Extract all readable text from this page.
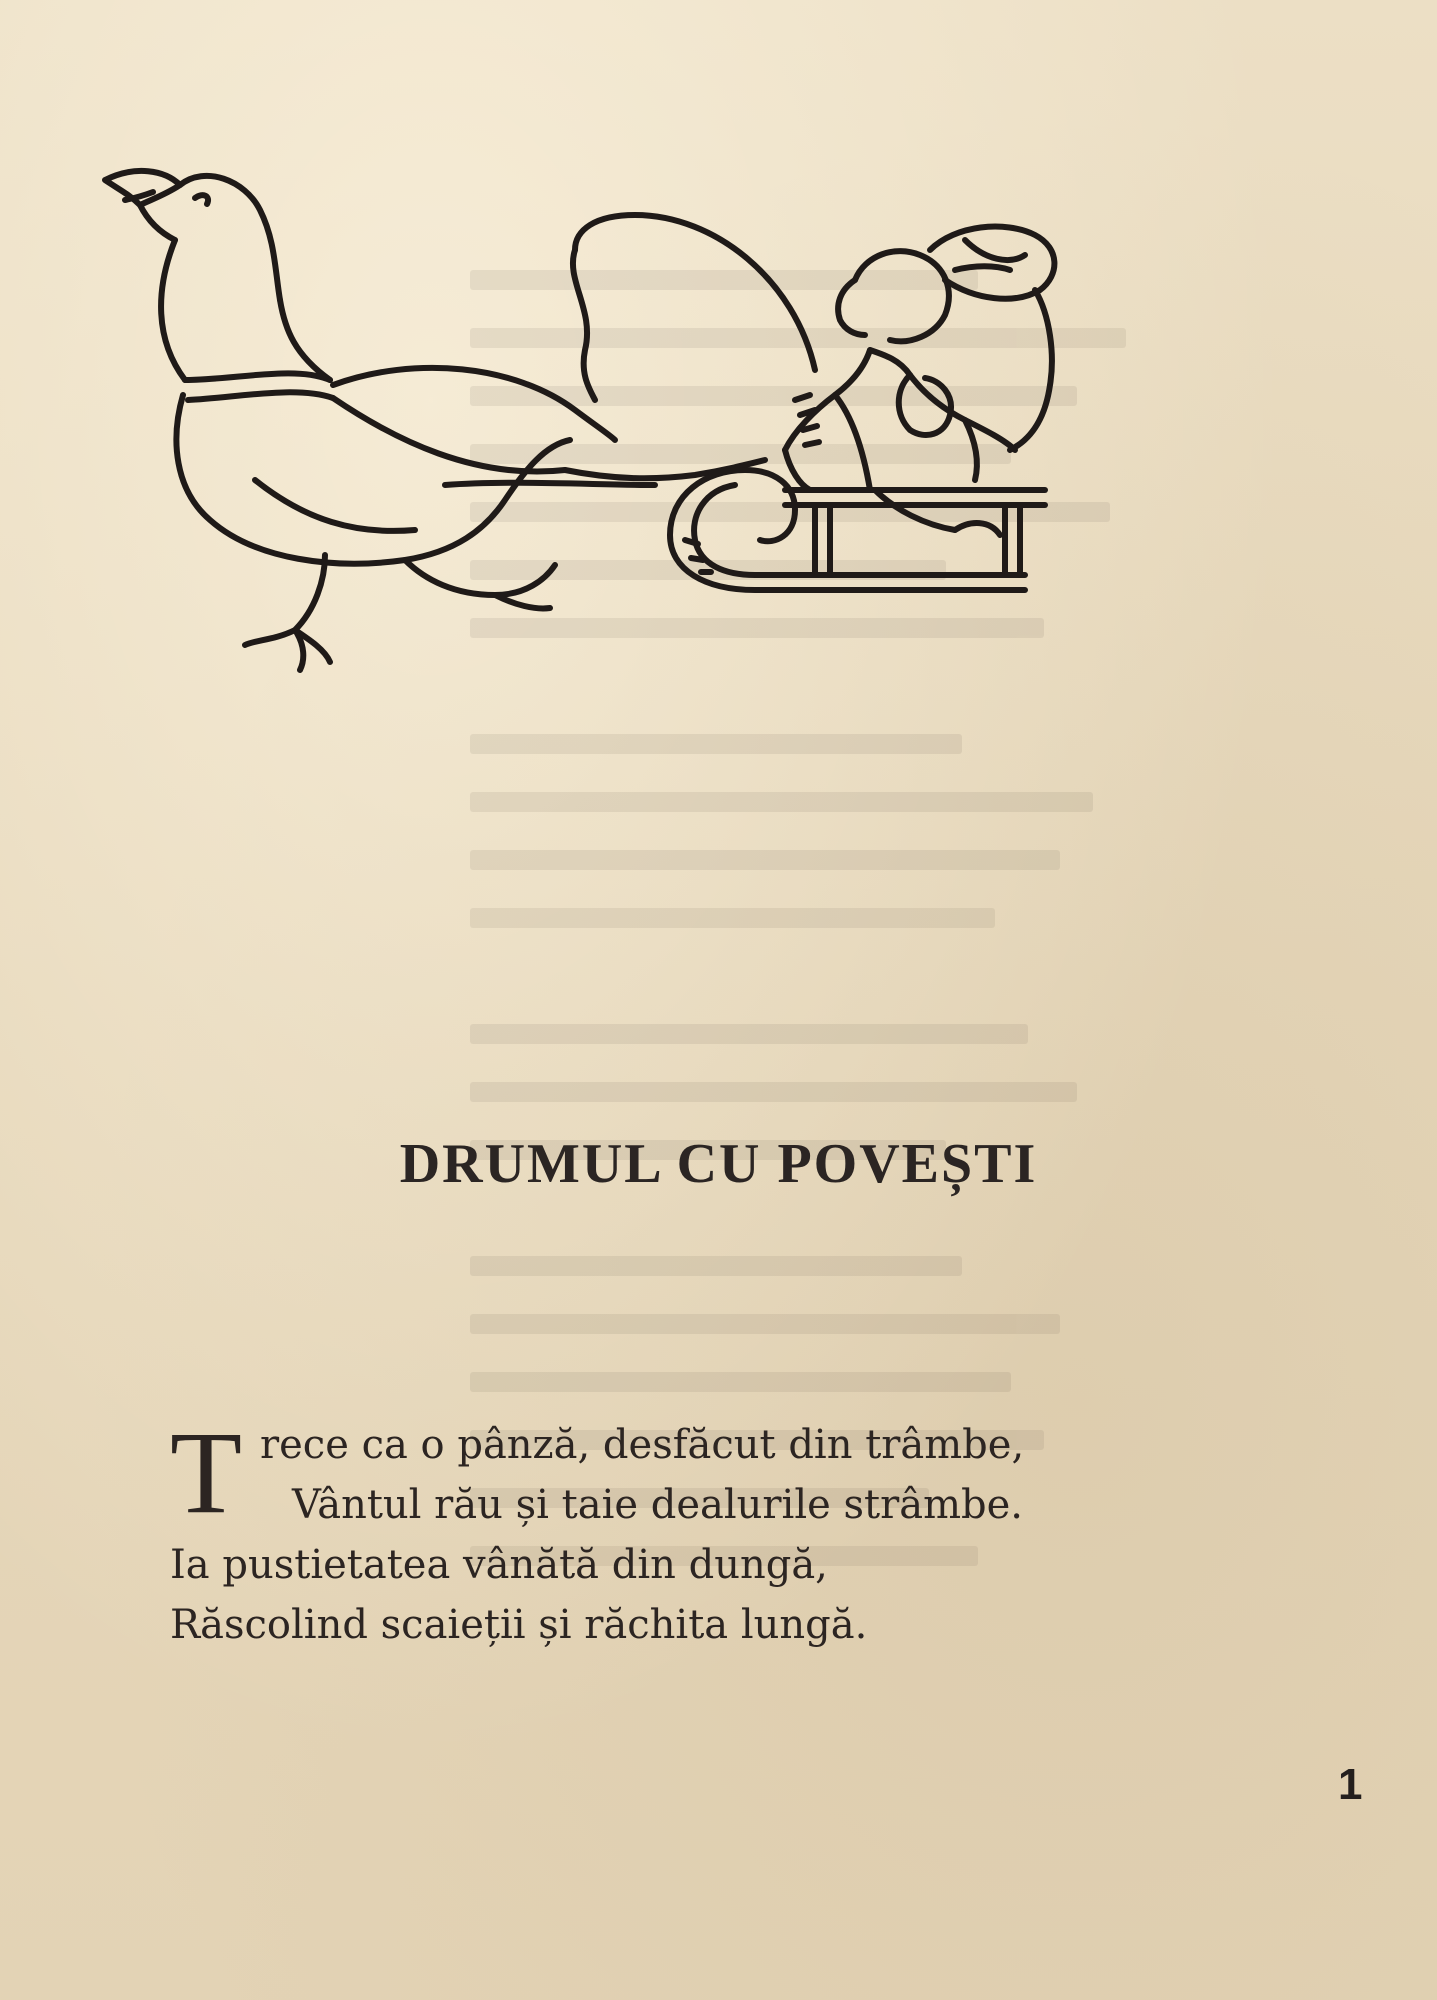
DRUMUL CU POVEȘTI
T rece ca o pânză, desfăcut din trâmbe,
Vântul rău și taie dealurile strâmbe.
Ia pustietatea vânătă din dungă,
Răscolind scaieții și răchita lungă.
1
